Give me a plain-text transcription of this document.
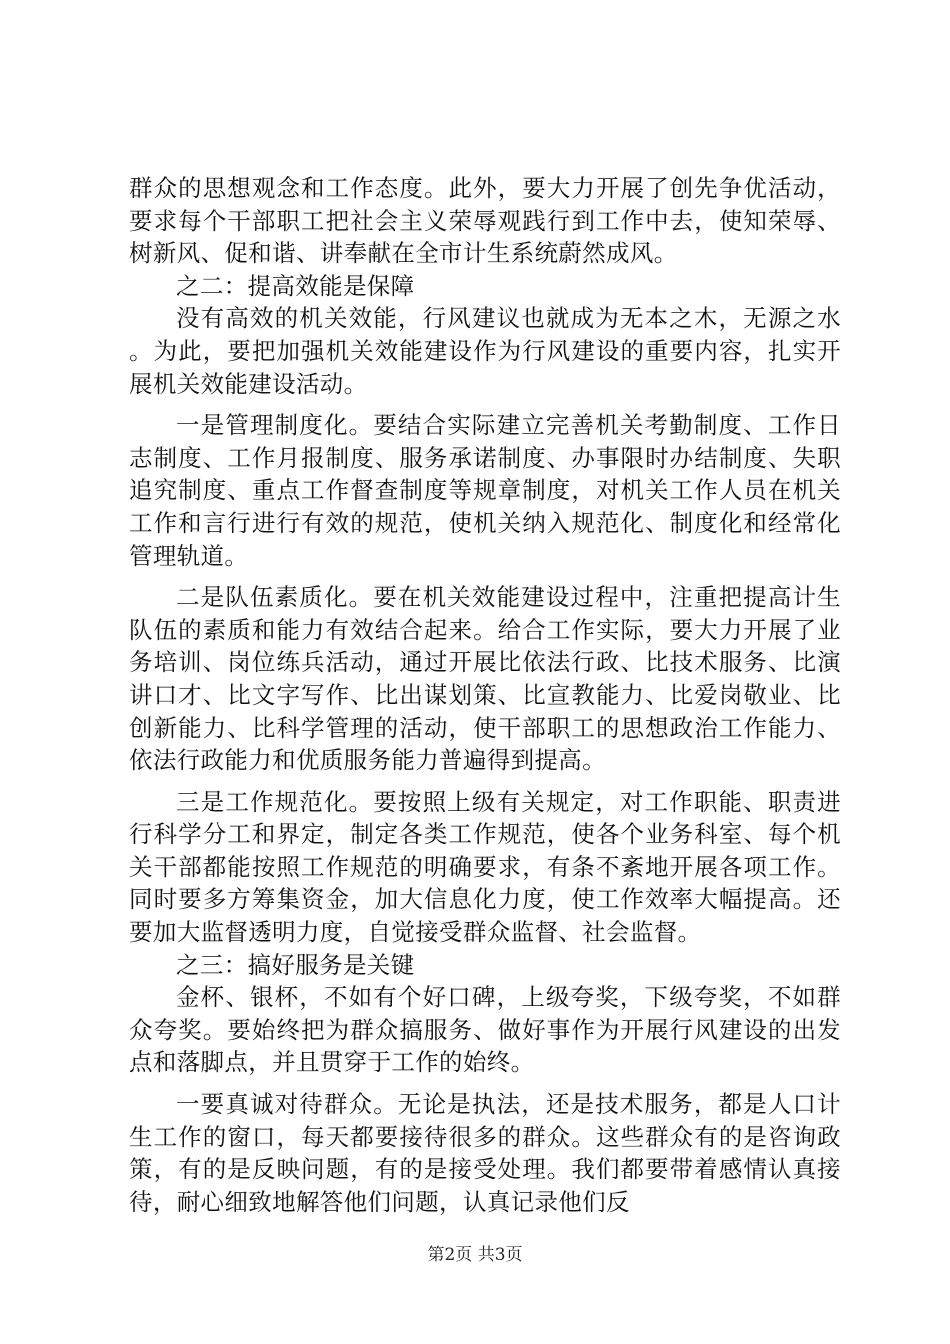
群众的思想观念和工作态度。此外，要大力开展了创先争优活动，要求每个干部职工把社会主义荣辱观践行到工作中去，使知荣辱、树新风、促和谐、讲奉献在全市计生系统蔚然成风。

之二：提高效能是保障

没有高效的机关效能，行风建议也就成为无本之木，无源之水。为此，要把加强机关效能建设作为行风建设的重要内容，扎实开展机关效能建设活动。

一是管理制度化。要结合实际建立完善机关考勤制度、工作日志制度、工作月报制度、服务承诺制度、办事限时办结制度、失职追究制度、重点工作督查制度等规章制度，对机关工作人员在机关工作和言行进行有效的规范，使机关纳入规范化、制度化和经常化管理轨道。

二是队伍素质化。要在机关效能建设过程中，注重把提高计生队伍的素质和能力有效结合起来。给合工作实际，要大力开展了业务培训、岗位练兵活动，通过开展比依法行政、比技术服务、比演讲口才、比文字写作、比出谋划策、比宣教能力、比爱岗敬业、比创新能力、比科学管理的活动，使干部职工的思想政治工作能力、依法行政能力和优质服务能力普遍得到提高。

三是工作规范化。要按照上级有关规定，对工作职能、职责进行科学分工和界定，制定各类工作规范，使各个业务科室、每个机关干部都能按照工作规范的明确要求，有条不紊地开展各项工作。同时要多方筹集资金，加大信息化力度，使工作效率大幅提高。还要加大监督透明力度，自觉接受群众监督、社会监督。

之三：搞好服务是关键

金杯、银杯，不如有个好口碑，上级夸奖，下级夸奖，不如群众夸奖。要始终把为群众搞服务、做好事作为开展行风建设的出发点和落脚点，并且贯穿于工作的始终。

一要真诚对待群众。无论是执法，还是技术服务，都是人口计生工作的窗口，每天都要接待很多的群众。这些群众有的是咨询政策，有的是反映问题，有的是接受处理。我们都要带着感情认真接待，耐心细致地解答他们问题，认真记录他们反

第2页 共3页
